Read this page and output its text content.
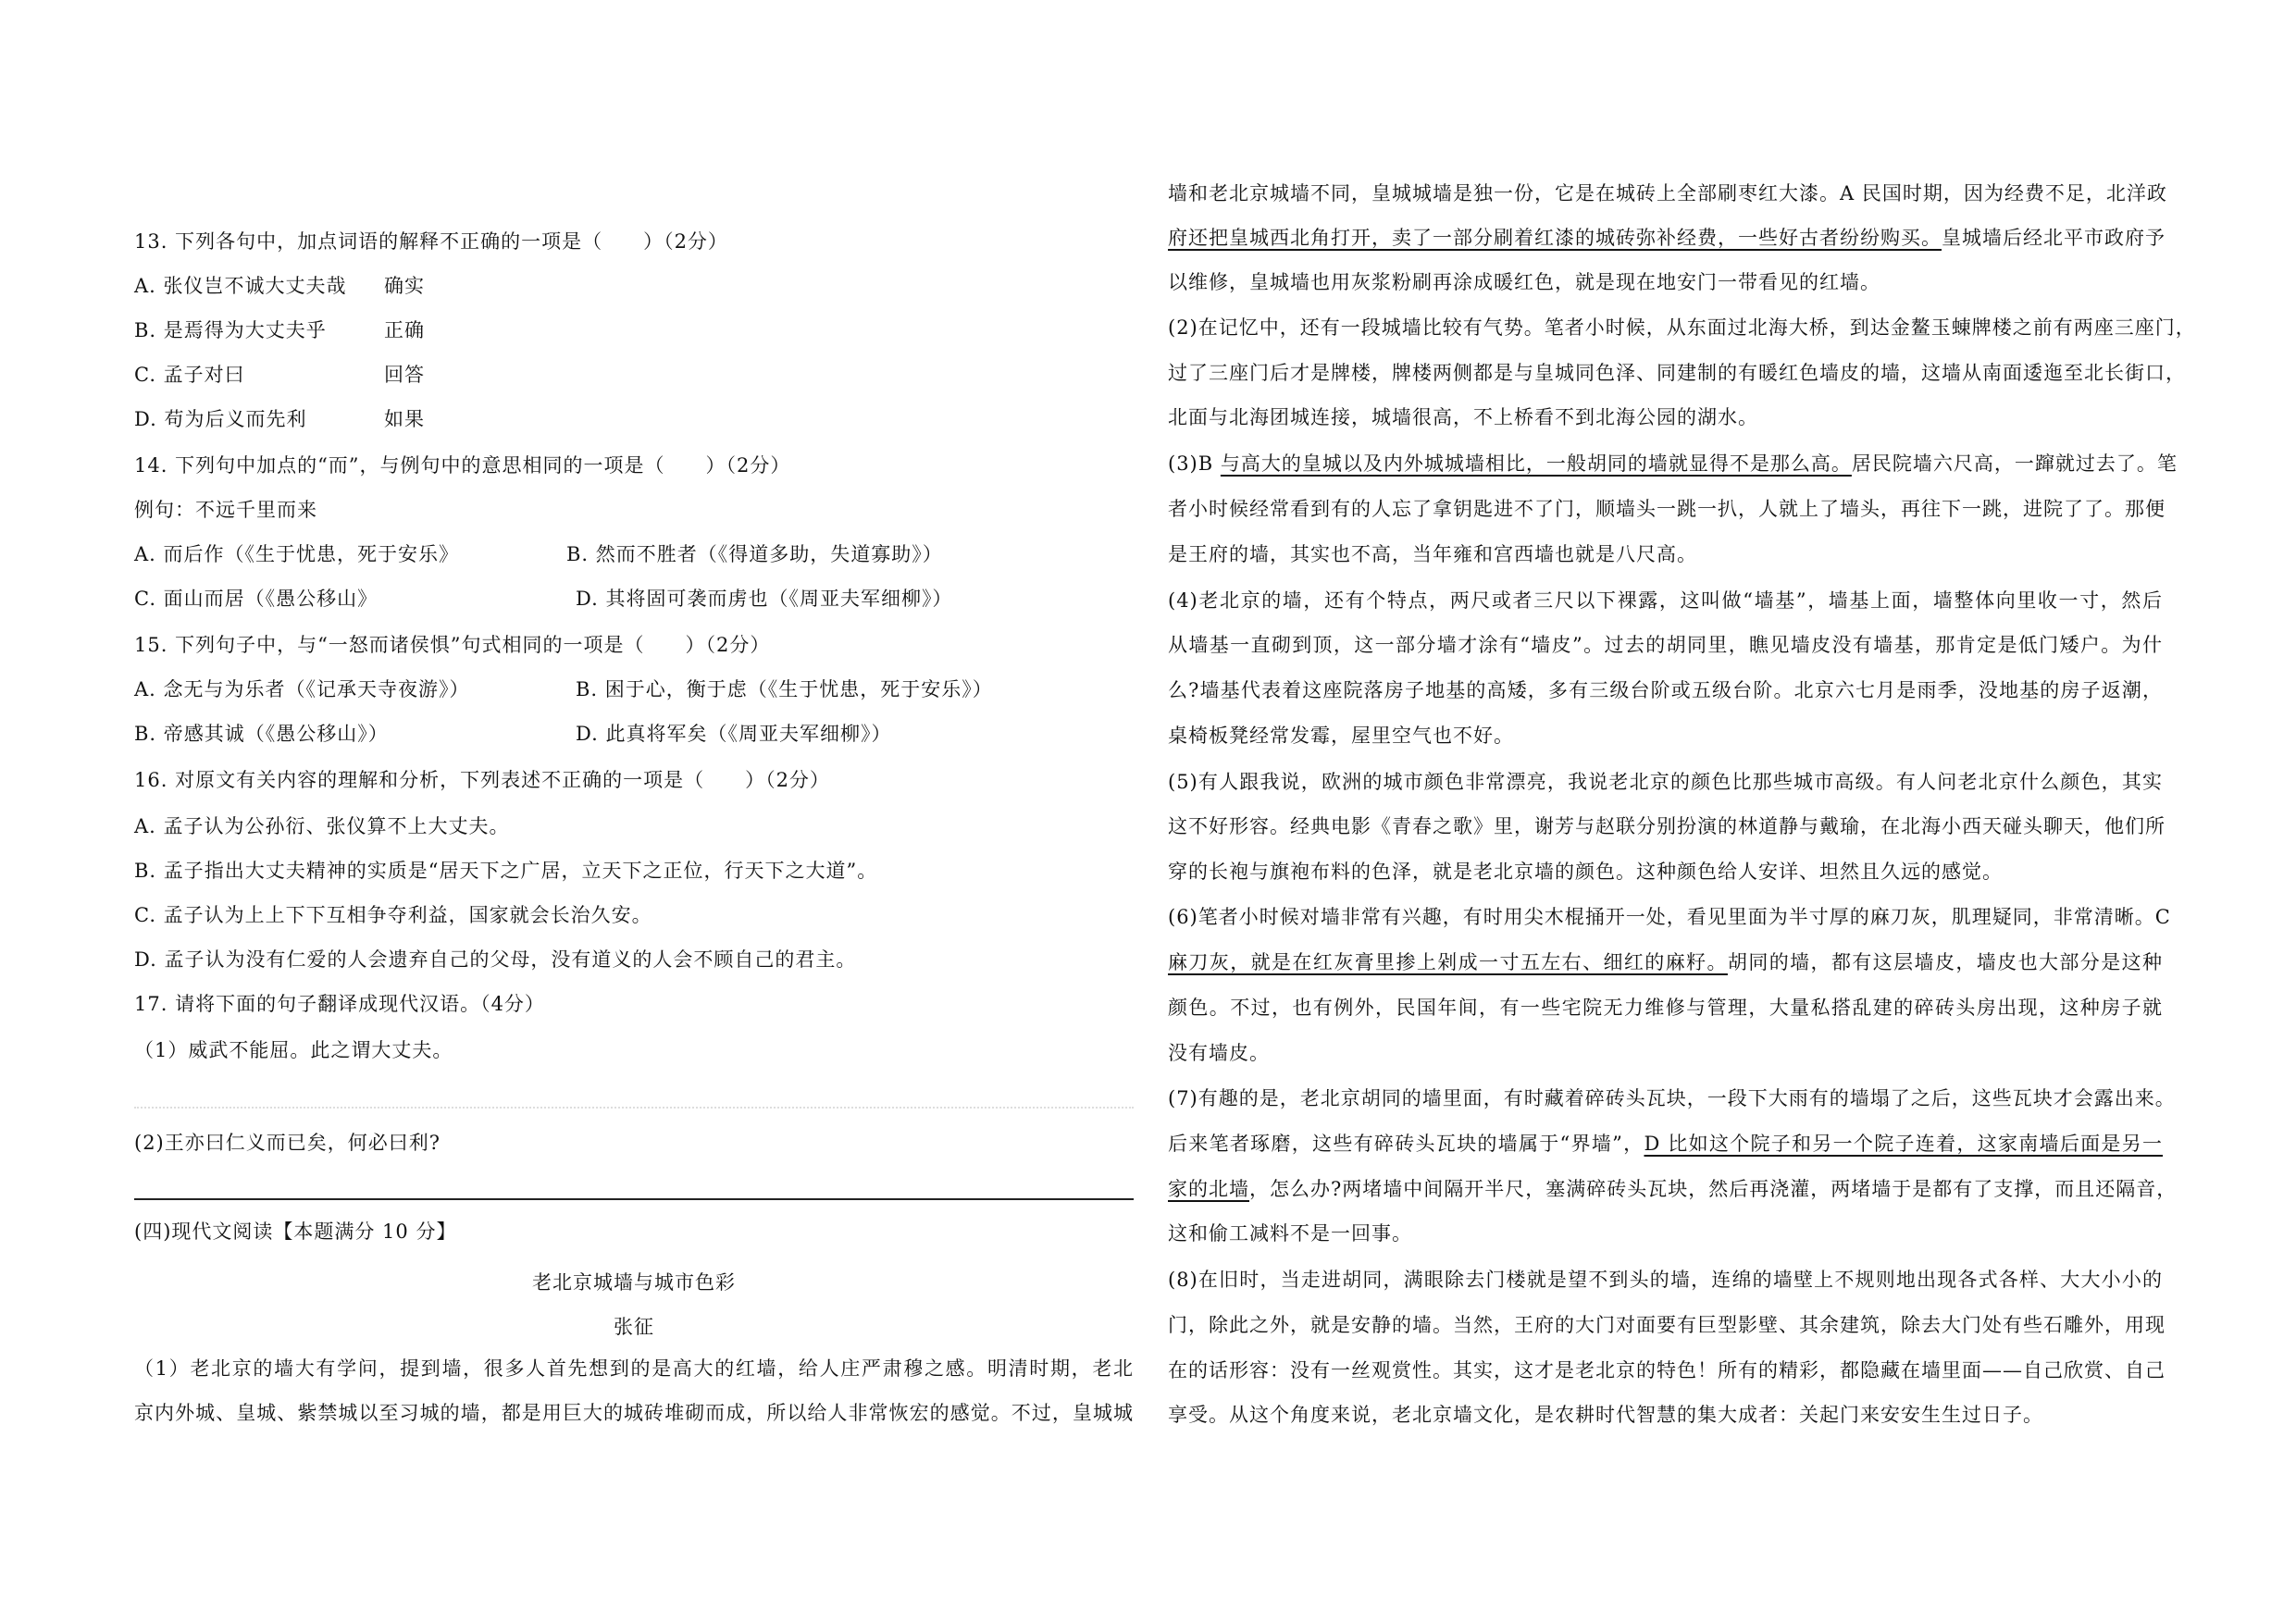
13. 下列各句中，加点词语的解释不正确的一项是（　　）（2分）
A. 张仪岂不诚大丈夫哉 确实
B. 是焉得为大丈夫乎	正确
C. 孟子对曰	回答
D. 苟为后义而先利	如果
14. 下列句中加点的“而”，与例句中的意思相同的一项是（　　）（2分）
例句：不远千里而来
A. 而后作（《生于忧患，死于安乐》	B. 然而不胜者（《得道多助，失道寡助》）
C. 面山而居（《愚公移山》	D. 其将固可袭而虏也（《周亚夫军细柳》）
15. 下列句子中，与“一怒而诸侯惧”句式相同的一项是（　　）（2分）
A. 念无与为乐者（《记承天寺夜游》）	B. 困于心，衡于虑（《生于忧患，死于安乐》）
B. 帝感其诚（《愚公移山》）	D. 此真将军矣（《周亚夫军细柳》）
16. 对原文有关内容的理解和分析，下列表述不正确的一项是（　　）（2分）
A. 孟子认为公孙衍、张仪算不上大丈夫。
B. 孟子指出大丈夫精神的实质是“居天下之广居，立天下之正位，行天下之大道”。
C. 孟子认为上上下下互相争夺利益，国家就会长治久安。
D. 孟子认为没有仁爱的人会遗弃自己的父母，没有道义的人会不顾自己的君主。
17. 请将下面的句子翻译成现代汉语。（4分）
（1）威武不能屈。此之谓大丈夫。
(2)王亦曰仁义而已矣，何必曰利?
(四)现代文阅读【本题满分 10 分】
老北京城墙与城市色彩
张征
（1）老北京的墙大有学问，提到墙，很多人首先想到的是高大的红墙，给人庄严肃穆之感。明清时期，老北
京内外城、皇城、紫禁城以至习城的墙，都是用巨大的城砖堆砌而成，所以给人非常恢宏的感觉。不过，皇城城
墙和老北京城墙不同，皇城城墙是独一份，它是在城砖上全部刷枣红大漆。A 民国时期，因为经费不足，北洋政
府还把皇城西北角打开，卖了一部分刷着红漆的城砖弥补经费，一些好古者纷纷购买。皇城墙后经北平市政府予
以维修，皇城墙也用灰浆粉刷再涂成暖红色，就是现在地安门一带看见的红墙。
(2)在记忆中，还有一段城墙比较有气势。笔者小时候，从东面过北海大桥，到达金鳌玉蝀牌楼之前有两座三座门，
过了三座门后才是牌楼，牌楼两侧都是与皇城同色泽、同建制的有暖红色墙皮的墙，这墙从南面逶迤至北长街口，
北面与北海团城连接，城墙很高，不上桥看不到北海公园的湖水。
(3)B 与高大的皇城以及内外城城墙相比，一般胡同的墙就显得不是那么高。居民院墙六尺高，一蹿就过去了。笔
者小时候经常看到有的人忘了拿钥匙进不了门，顺墙头一跳一扒，人就上了墙头，再往下一跳，进院了了。那便
是王府的墙，其实也不高，当年雍和宫西墙也就是八尺高。
(4)老北京的墙，还有个特点，两尺或者三尺以下裸露，这叫做“墙基”，墙基上面，墙整体向里收一寸，然后
从墙基一直砌到顶，这一部分墙才涂有“墙皮”。过去的胡同里，瞧见墙皮没有墙基，那肯定是低门矮户。为什
么?墙基代表着这座院落房子地基的高矮，多有三级台阶或五级台阶。北京六七月是雨季，没地基的房子返潮，
桌椅板凳经常发霉，屋里空气也不好。
(5)有人跟我说，欧洲的城市颜色非常漂亮，我说老北京的颜色比那些城市高级。有人问老北京什么颜色，其实
这不好形容。经典电影《青春之歌》里，谢芳与赵联分别扮演的林道静与戴瑜，在北海小西天碰头聊天，他们所
穿的长袍与旗袍布料的色泽，就是老北京墙的颜色。这种颜色给人安详、坦然且久远的感觉。
(6)笔者小时候对墙非常有兴趣，有时用尖木棍捅开一处，看见里面为半寸厚的麻刀灰，肌理疑同，非常清晰。C
麻刀灰，就是在红灰膏里掺上剁成一寸五左右、细红的麻籽。胡同的墙，都有这层墙皮，墙皮也大部分是这种
颜色。不过，也有例外，民国年间，有一些宅院无力维修与管理，大量私搭乱建的碎砖头房出现，这种房子就
没有墙皮。
(7)有趣的是，老北京胡同的墙里面，有时藏着碎砖头瓦块，一段下大雨有的墙塌了之后，这些瓦块才会露出来。
后来笔者琢磨，这些有碎砖头瓦块的墙属于“界墙”，D 比如这个院子和另一个院子连着，这家南墙后面是另一
家的北墙，怎么办?两堵墙中间隔开半尺，塞满碎砖头瓦块，然后再浇灌，两堵墙于是都有了支撑，而且还隔音，
这和偷工减料不是一回事。
(8)在旧时，当走进胡同，满眼除去门楼就是望不到头的墙，连绵的墙壁上不规则地出现各式各样、大大小小的
门，除此之外，就是安静的墙。当然，王府的大门对面要有巨型影壁、其余建筑，除去大门处有些石雕外，用现
在的话形容：没有一丝观赏性。其实，这才是老北京的特色！所有的精彩，都隐藏在墙里面——自己欣赏、自己
享受。从这个角度来说，老北京墙文化，是农耕时代智慧的集大成者：关起门来安安生生过日子。
